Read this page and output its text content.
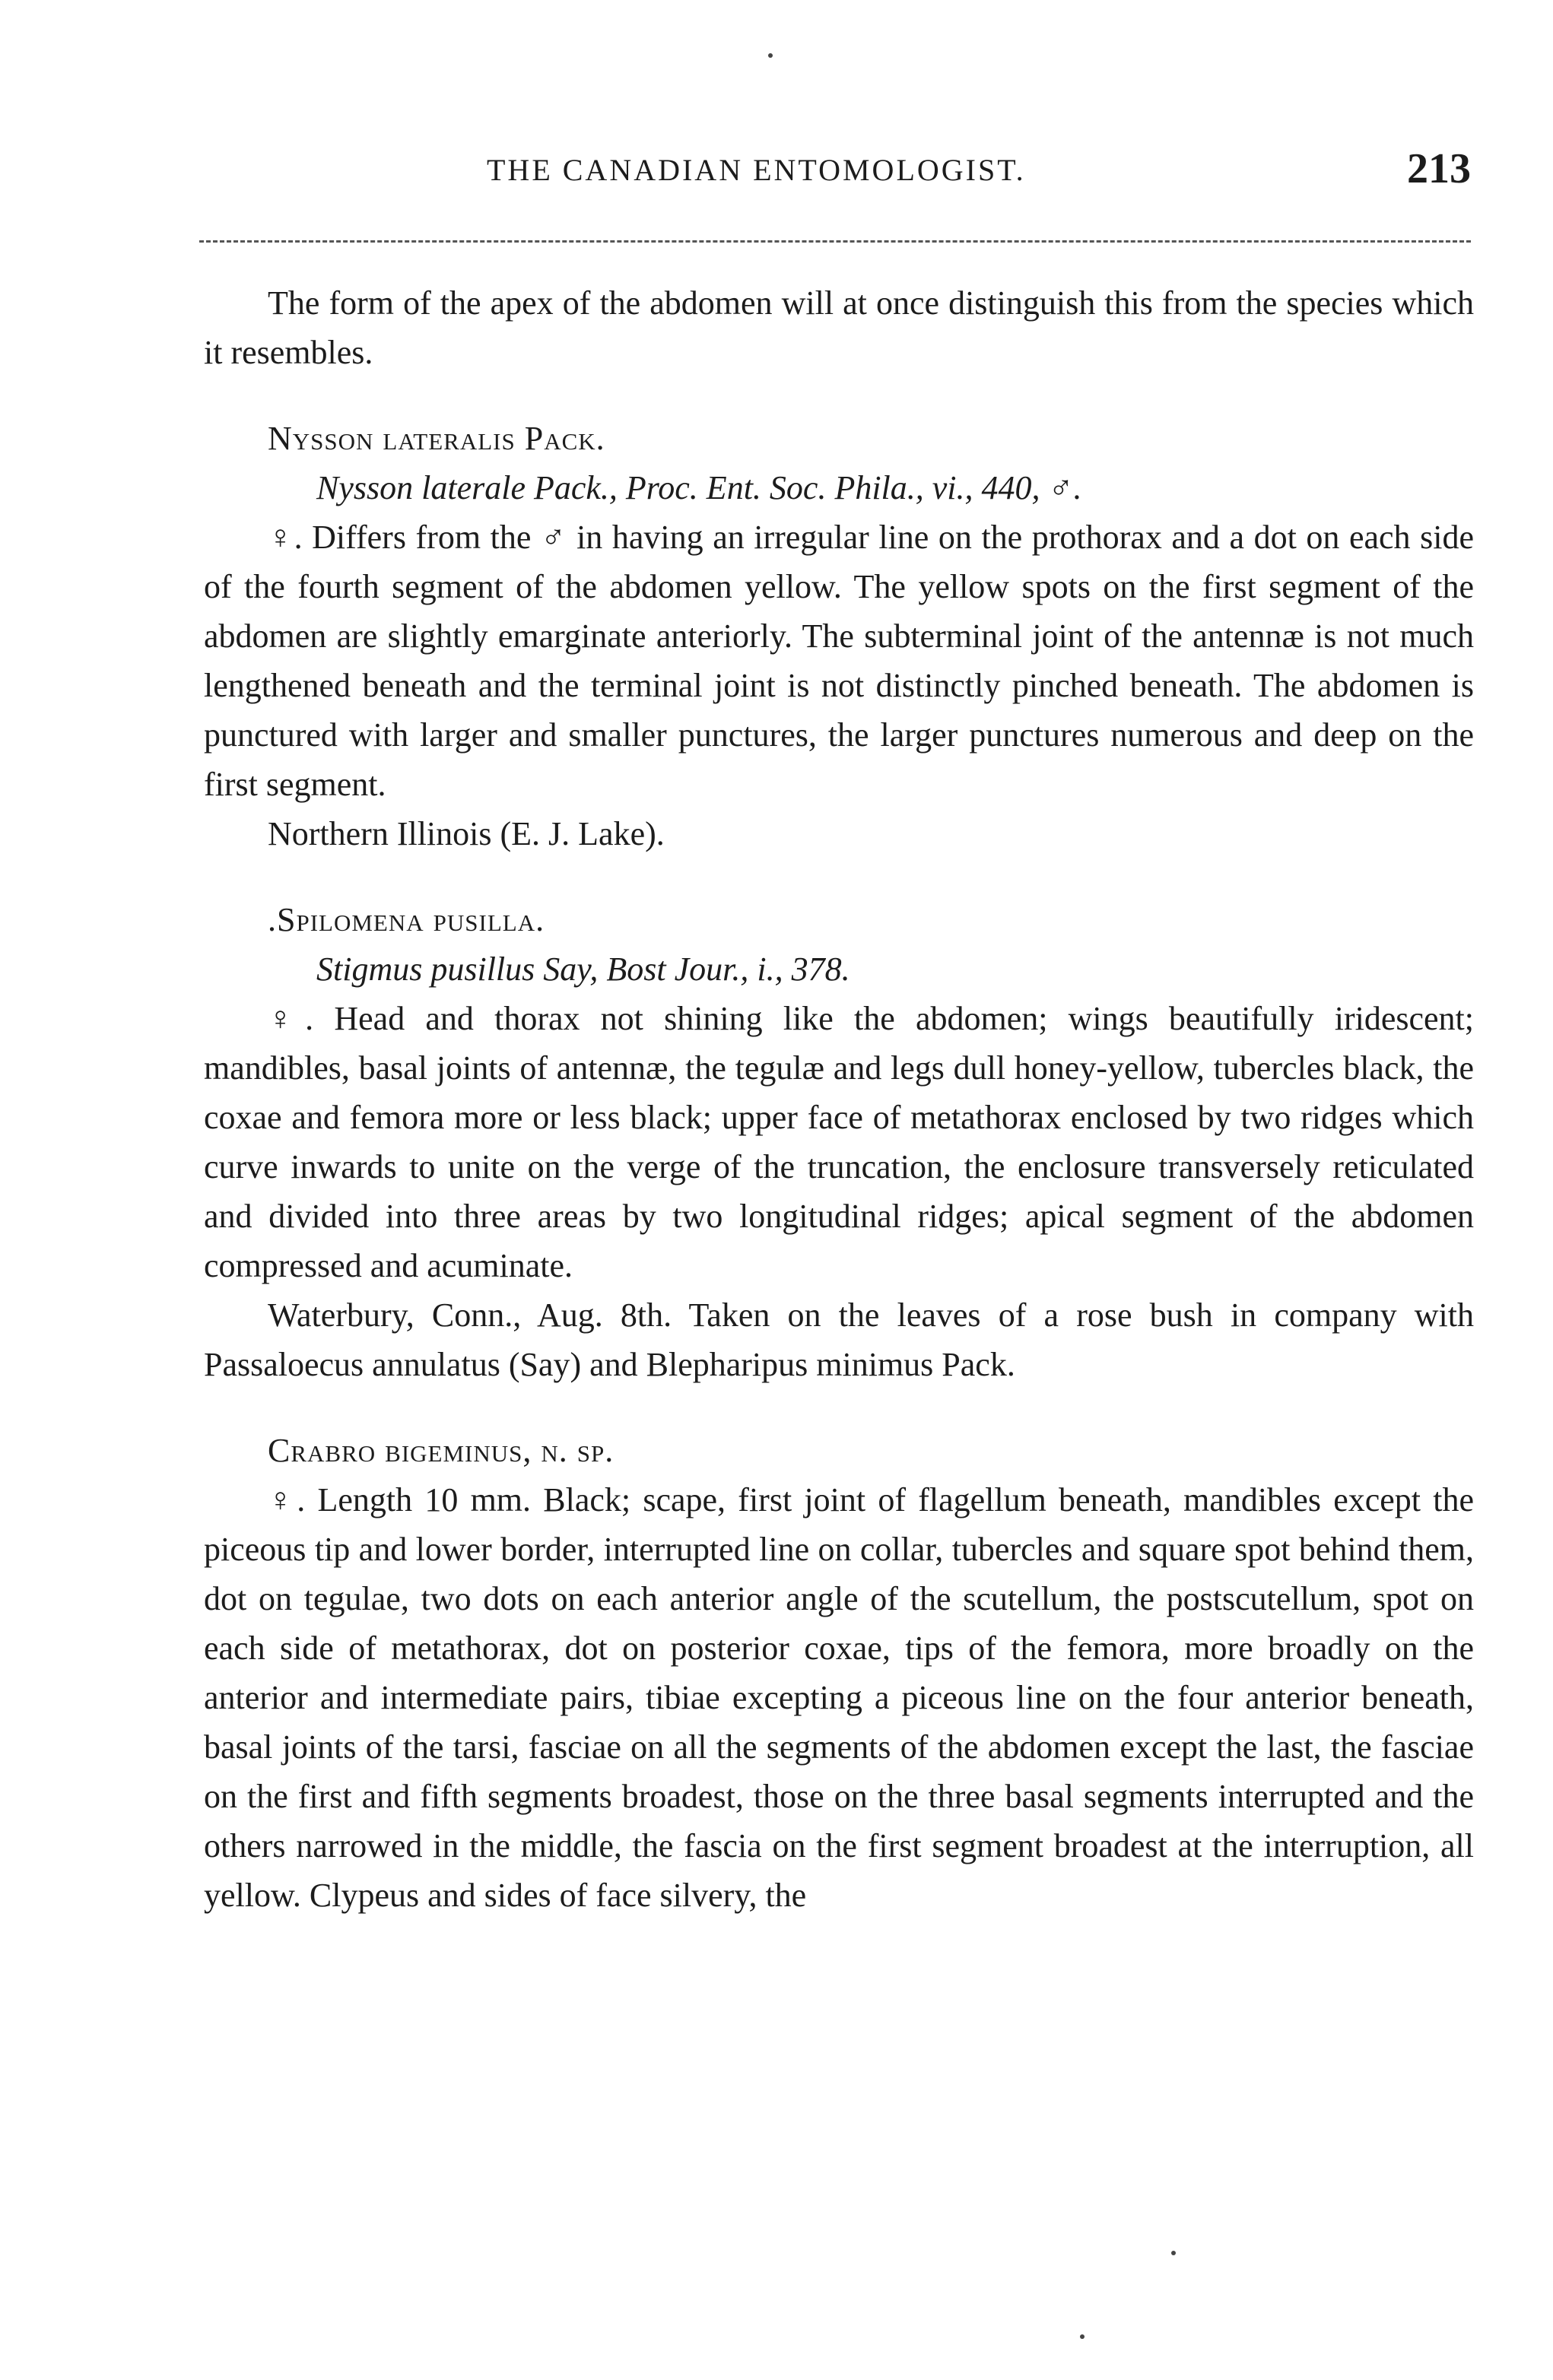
THE CANADIAN ENTOMOLOGIST.	213

The form of the apex of the abdomen will at once distinguish this from the species which it resembles.

Nysson lateralis Pack.

Nysson laterale Pack., Proc. Ent. Soc. Phila., vi., 440, ♂.

♀. Differs from the ♂ in having an irregular line on the prothorax and a dot on each side of the fourth segment of the abdomen yellow. The yellow spots on the first segment of the abdomen are slightly emarginate anteriorly. The subterminal joint of the antennæ is not much lengthened beneath and the terminal joint is not distinctly pinched beneath. The abdomen is punctured with larger and smaller punctures, the larger punctures numerous and deep on the first segment.

Northern Illinois (E. J. Lake).

.Spilomena pusilla.

Stigmus pusillus Say, Bost Jour., i., 378.

♀. Head and thorax not shining like the abdomen; wings beautifully iridescent; mandibles, basal joints of antennæ, the tegulæ and legs dull honey-yellow, tubercles black, the coxae and femora more or less black; upper face of metathorax enclosed by two ridges which curve inwards to unite on the verge of the truncation, the enclosure transversely reticulated and divided into three areas by two longitudinal ridges; apical segment of the abdomen compressed and acuminate.

Waterbury, Conn., Aug. 8th. Taken on the leaves of a rose bush in company with Passaloecus annulatus (Say) and Blepharipus minimus Pack.

Crabro bigeminus, n. sp.

♀. Length 10 mm. Black; scape, first joint of flagellum beneath, mandibles except the piceous tip and lower border, interrupted line on collar, tubercles and square spot behind them, dot on tegulae, two dots on each anterior angle of the scutellum, the postscutellum, spot on each side of metathorax, dot on posterior coxae, tips of the femora, more broadly on the anterior and intermediate pairs, tibiae excepting a piceous line on the four anterior beneath, basal joints of the tarsi, fasciae on all the segments of the abdomen except the last, the fasciae on the first and fifth segments broadest, those on the three basal segments interrupted and the others narrowed in the middle, the fascia on the first segment broadest at the interruption, all yellow. Clypeus and sides of face silvery, the
